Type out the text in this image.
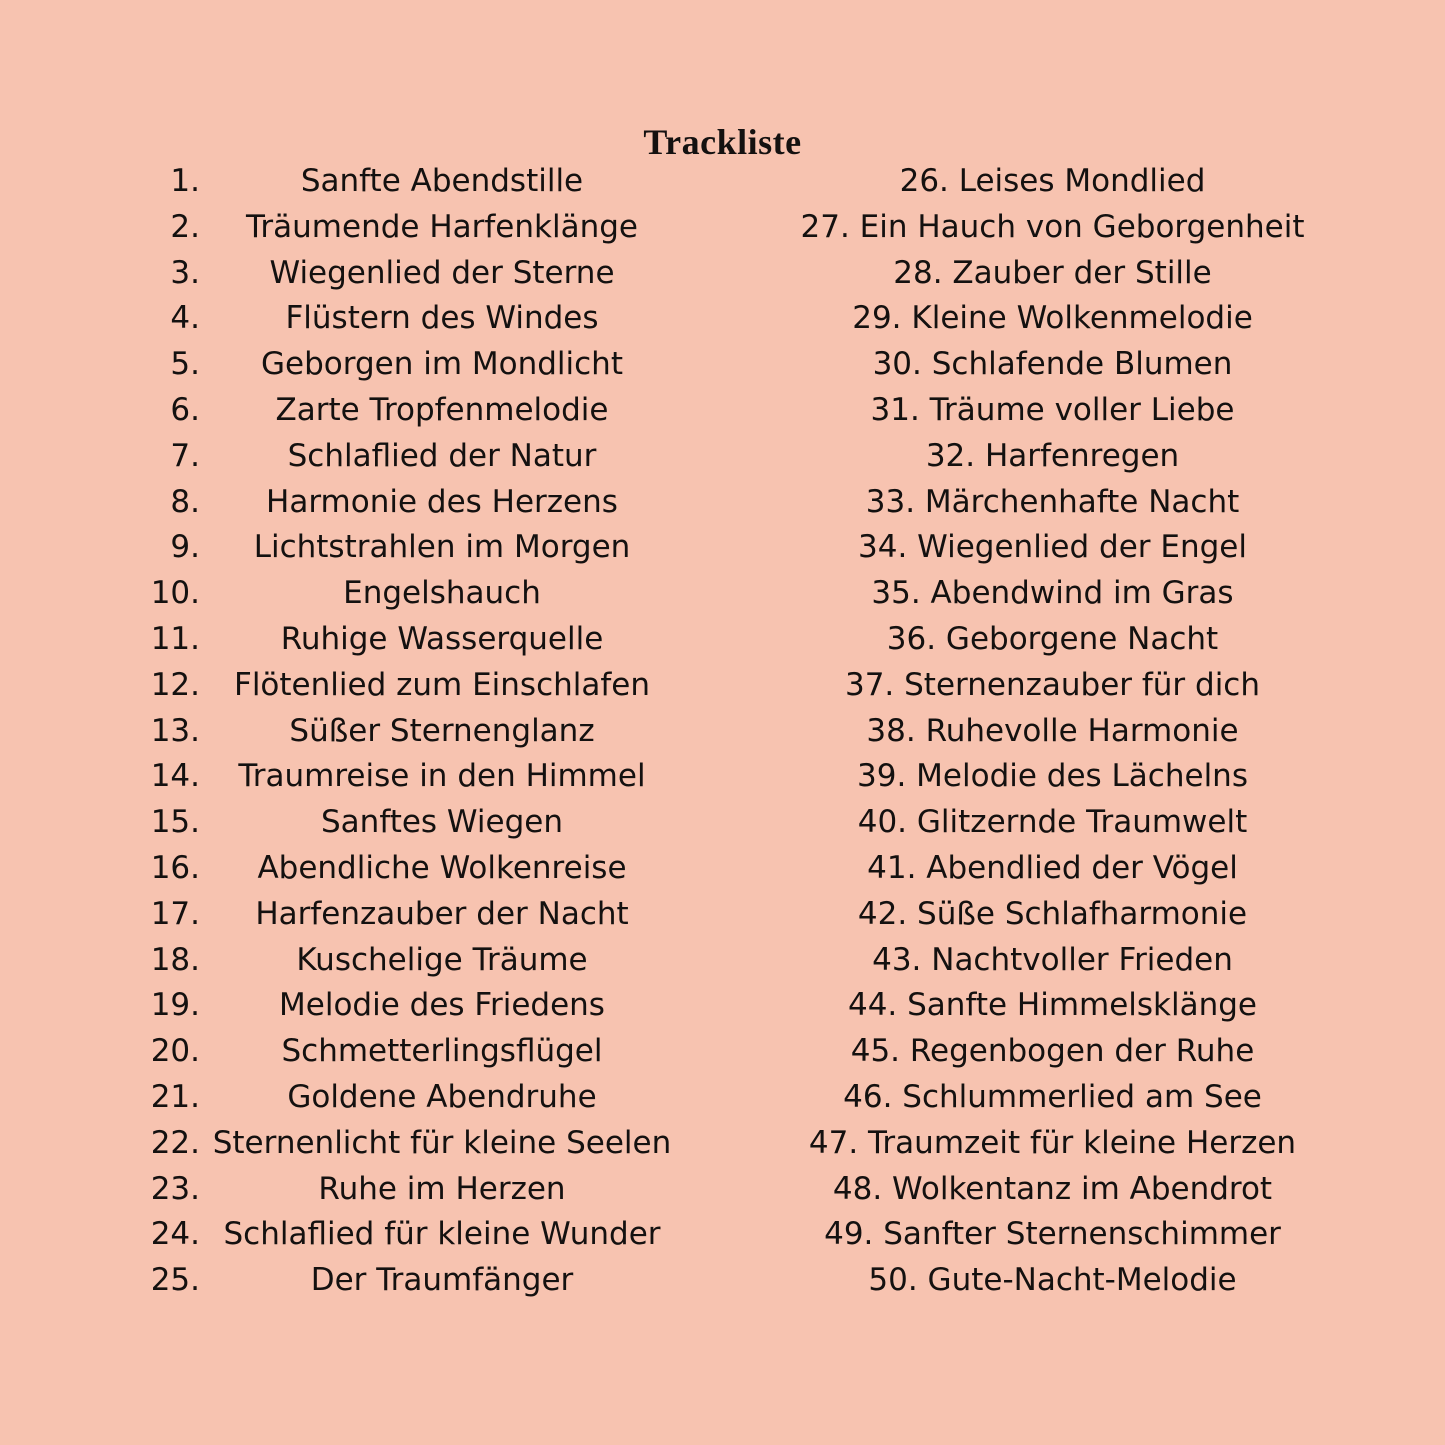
Trackliste
1.	Sanfte Abendstille
2.	Träumende Harfenklänge
3.	Wiegenlied der Sterne
4.	Flüstern des Windes
5.	Geborgen im Mondlicht
6.	Zarte Tropfenmelodie
7.	Schlaflied der Natur
8.	Harmonie des Herzens
9.	Lichtstrahlen im Morgen
10.	Engelshauch
11.	Ruhige Wasserquelle
12.	Flötenlied zum Einschlafen
13.	Süßer Sternenglanz
14.	Traumreise in den Himmel
15.	Sanftes Wiegen
16.	Abendliche Wolkenreise
17.	Harfenzauber der Nacht
18.	Kuschelige Träume
19.	Melodie des Friedens
20.	Schmetterlingsflügel
21.	Goldene Abendruhe
22. Sternenlicht für kleine Seelen
23.	Ruhe im Herzen
24. Schlaflied für kleine Wunder
25.	Der Traumfänger
26. Leises Mondlied
27. Ein Hauch von Geborgenheit
28. Zauber der Stille
29. Kleine Wolkenmelodie
30. Schlafende Blumen
31. Träume voller Liebe
32. Harfenregen
33. Märchenhafte Nacht
34. Wiegenlied der Engel
35. Abendwind im Gras
36. Geborgene Nacht
37. Sternenzauber für dich
38. Ruhevolle Harmonie
39. Melodie des Lächelns
40. Glitzernde Traumwelt
41. Abendlied der Vögel
42. Süße Schlafharmonie
43. Nachtvoller Frieden
44. Sanfte Himmelsklänge
45. Regenbogen der Ruhe
46. Schlummerlied am See
47. Traumzeit für kleine Herzen
48. Wolkentanz im Abendrot
49. Sanfter Sternenschimmer
50. Gute-Nacht-Melodie
